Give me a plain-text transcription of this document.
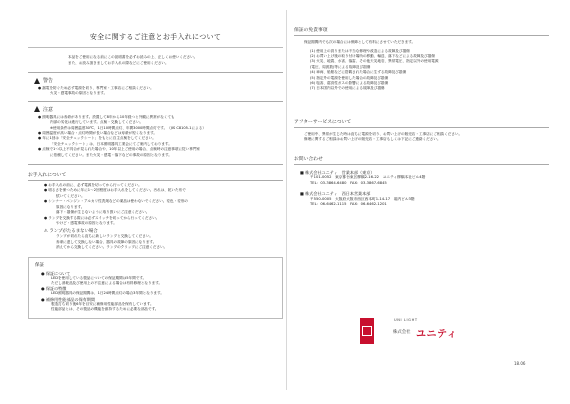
安全に関するご注意とお手入れについて
本品をご使用になる前にこの説明書を必ずお読みの上、正しくお使いください。
また、お読み頂きましてお手入れの際などにご使用ください。
警告
● 漏電を防ぐため必ず電源を切り、専門家・工事店にご相談ください。
火災・感電事故の原因となります。
注意
● 照明器具には寿命があります。設置して8年から10年経つと外観に異常がなくても
内部の劣化は進行しています。点検・交換してください。
※使用条件は周囲温度30℃、1日10時間点灯、年間3000時間点灯です。（JIS C8105-1による）
● 周囲温度が高い場合・点灯時間が長い場合などは寿命が短くなります。
● 年に1回は「安全チェックシート」をもとに自主点検をしてください。
「安全チェックシート」は、日本照明器具工業会にてご案内しております。
● 点検で1つ以上不具合が見られた場合や、10年以上ご使用の場合、点検時の注意事項に従い専門家
に依頼してください。また火災・感電・落下などの事故の原因となります。
お手入れについて
● お手入れの前に、必ず電源を切ってから行ってください。
● 明るさを保つために年に1〜2回程度はお手入れをしてください。汚れは、乾いた布で
拭いてください。
● シンナー・ベンジン・アルカリ性洗剤などの薬品は使わないでください。変色・変形の
原因になります。
落下・損傷が生じないように取り扱いにご注意ください。
● ランプを交換する際には必ずスイッチを切ってから行ってください。
やけど・感電事故の原因となります。
⚠ ランプがたるまない場合
ランプが切れたら直ちに新しいランプと交換してください。
寿命に達して交換しない場合、器具の故障の原因になります。
消えてから交換してください。ランプのクリップにご注意ください。
保証
● 保証について
LEDを使用している製品についての保証期間は5年間です。
ただし消耗品及び使用上の不注意による場合は有料修理となります。
● 保証の特徴
LED照明器具の保証期間は、1日24時間点灯の場合3年間となります。
● 補修用性能部品の保有期間
製造打ち切り後6年を目安に補修用性能部品を保有しています。
性能部品とは、その製品の機能を維持するために必要な部品です。
保証の免責事項
保証期間内でも次の場合には保障として有料にさせていただきます。
(1) 使用上の誤りまたは不当な修理や改造による故障及び損傷
(2) お買い上げ後の取り付け場所の移動、輸送、落下などによる故障及び損傷
(3) 火災、地震、水害、落雷、その他天災地変、異常電圧、指定以外の使用電源
(電圧、周波数)等による故障及び損傷
(4) 車両、船舶などに搭載された場合に生ずる故障及び損傷
(5) 指定外の電源を使用した場合の故障及び損傷
(6) 塩害、腐食性ガスの影響による故障及び損傷
(7) 日本国内以外での使用による故障及び損傷
アフターサービスについて
ご使用中、異常が生じた時は直ちに電源を切り、お買い上げの販売店・工事店にご相談ください。
修理に関するご相談はお買い上げの販売店・工事店もしくは下記にご連絡ください。
お問い合わせ
■ 株式会社ユニティ　営業本部（東京）
〒101-0052　東京都台東区柳橋2-16-22　ユニティ柳橋本社ビル4階
TEL：03-3864-6480　FAX：03-3867-6845
■ 株式会社ユニティ　西日本営業本部
〒550-0005　大阪府大阪市西区西本町1-14-17　堀内ビル3階
TEL：06-6462-1115　FAX：06-6462-1201
UNI LIGHT
株式会社 ユニティ
18.06
